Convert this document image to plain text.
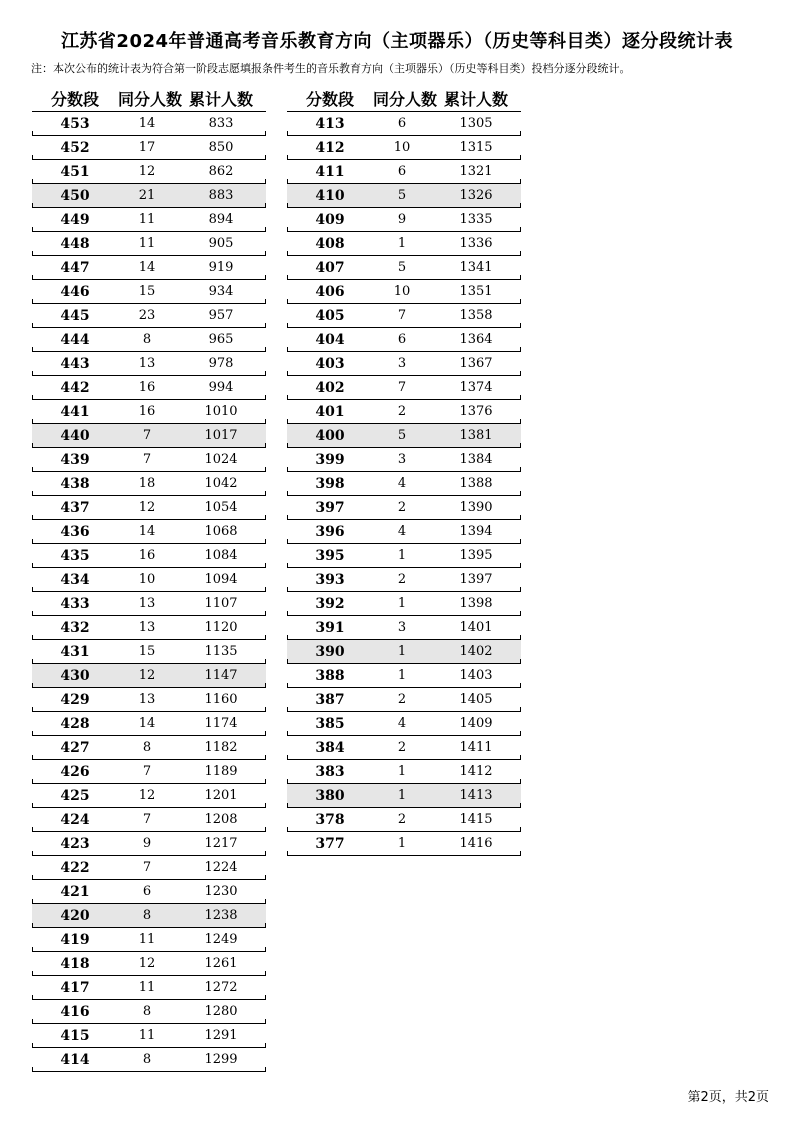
江苏省2024年普通高考音乐教育方向（主项器乐）（历史等科目类）逐分段统计表
注：本次公布的统计表为符合第一阶段志愿填报条件考生的音乐教育方向（主项器乐）（历史等科目类）投档分逐分段统计。
分数段	同分人数 累计人数
453	14	833
452	17	850
451	12	862
450	21	883
449	11	894
448	11	905
447	14	919
446	15	934
445	23	957
444	8	965
443	13	978
442	16	994
441	16	1010
440	7	1017
439	7	1024
438	18	1042
437	12	1054
436	14	1068
435	16	1084
434	10	1094
433	13	1107
432	13	1120
431	15	1135
430	12	1147
429	13	1160
428	14	1174
427	8	1182
426	7	1189
425	12	1201
424	7	1208
423	9	1217
422	7	1224
421	6	1230
420	8	1238
419	11	1249
418	12	1261
417	11	1272
416	8	1280
415	11	1291
414	8	1299
分数段	同分人数 累计人数
413	6	1305
412	10	1315
411	6	1321
410	5	1326
409	9	1335
408	1	1336
407	5	1341
406	10	1351
405	7	1358
404	6	1364
403	3	1367
402	7	1374
401	2	1376
400	5	1381
399	3	1384
398	4	1388
397	2	1390
396	4	1394
395	1	1395
393	2	1397
392	1	1398
391	3	1401
390	1	1402
388	1	1403
387	2	1405
385	4	1409
384	2	1411
383	1	1412
380	1	1413
378	2	1415
377	1	1416
第2页，共2页
